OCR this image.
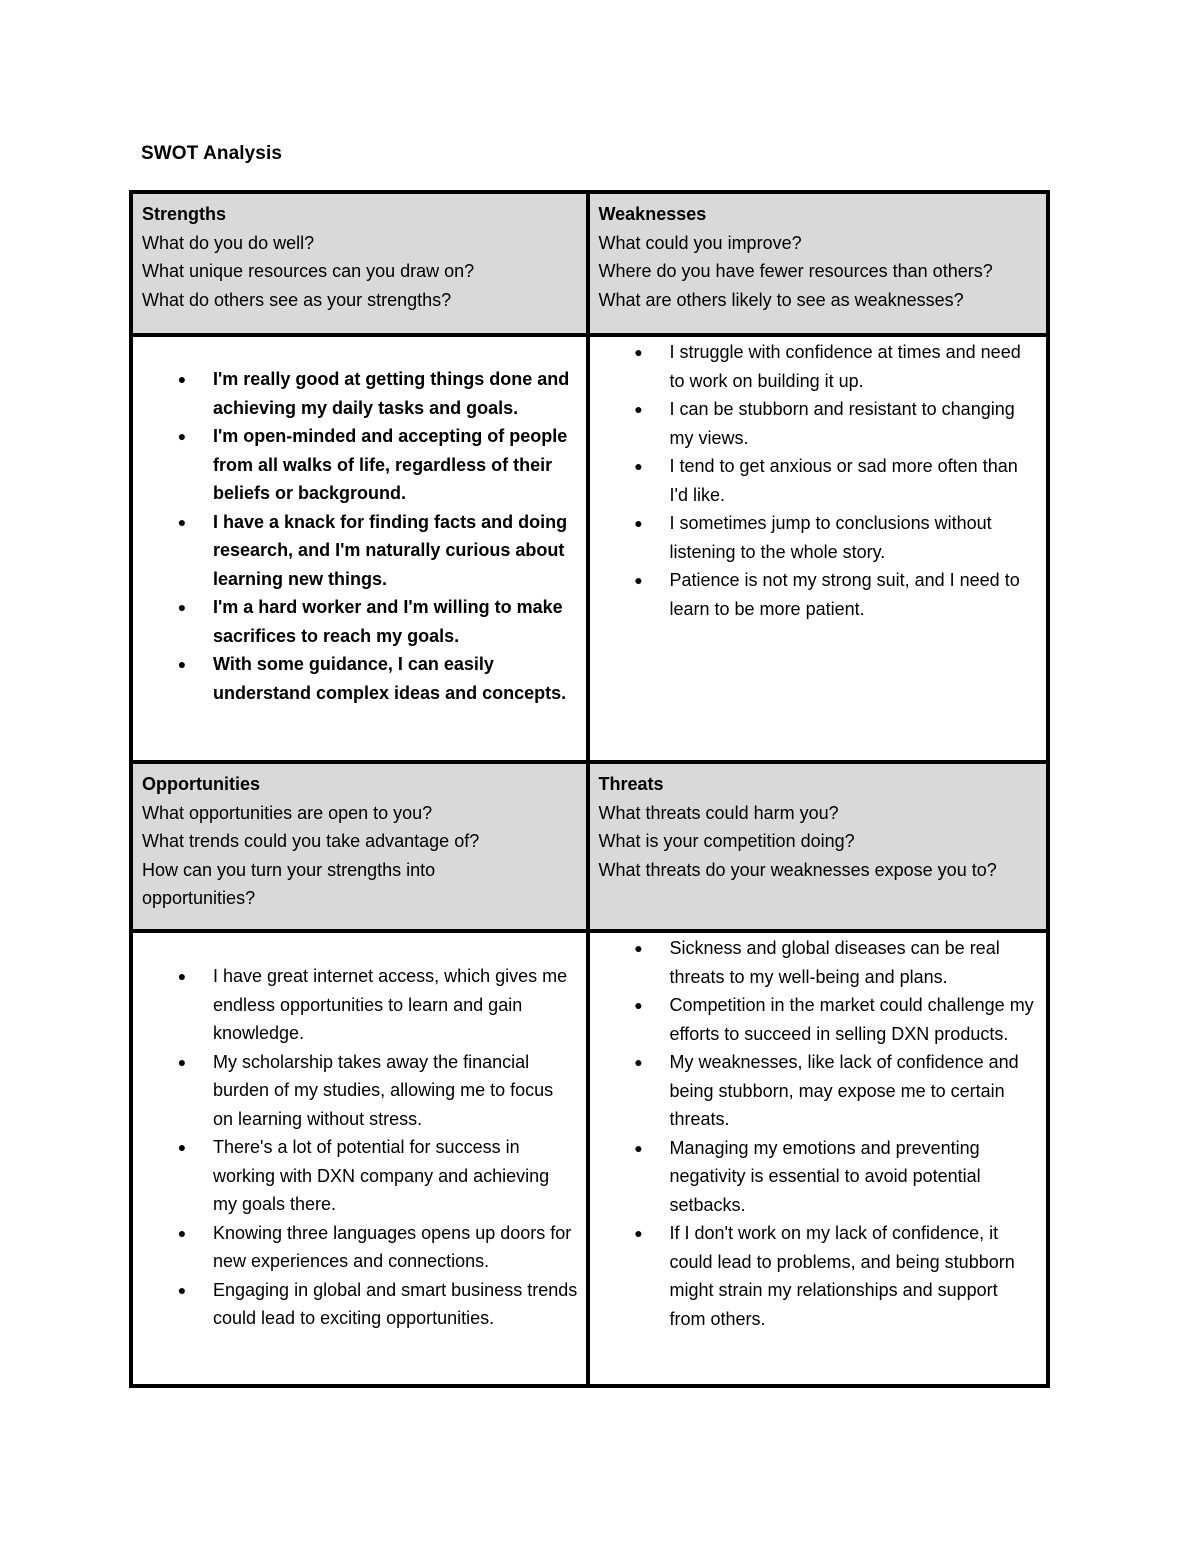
SWOT Analysis
Strengths
What do you do well?
What unique resources can you draw on?
What do others see as your strengths?
Weaknesses
What could you improve?
Where do you have fewer resources than others?
What are others likely to see as weaknesses?
● I'm really good at getting things done and achieving my daily tasks and goals.
● I'm open-minded and accepting of people from all walks of life, regardless of their beliefs or background.
● I have a knack for finding facts and doing research, and I'm naturally curious about learning new things.
● I'm a hard worker and I'm willing to make sacrifices to reach my goals.
● With some guidance, I can easily understand complex ideas and concepts.
● I struggle with confidence at times and need to work on building it up.
● I can be stubborn and resistant to changing my views.
● I tend to get anxious or sad more often than I'd like.
● I sometimes jump to conclusions without listening to the whole story.
● Patience is not my strong suit, and I need to learn to be more patient.
Opportunities
What opportunities are open to you?
What trends could you take advantage of?
How can you turn your strengths into opportunities?
Threats
What threats could harm you?
What is your competition doing?
What threats do your weaknesses expose you to?
● I have great internet access, which gives me endless opportunities to learn and gain knowledge.
● My scholarship takes away the financial burden of my studies, allowing me to focus on learning without stress.
● There's a lot of potential for success in working with DXN company and achieving my goals there.
● Knowing three languages opens up doors for new experiences and connections.
● Engaging in global and smart business trends could lead to exciting opportunities.
● Sickness and global diseases can be real threats to my well-being and plans.
● Competition in the market could challenge my efforts to succeed in selling DXN products.
● My weaknesses, like lack of confidence and being stubborn, may expose me to certain threats.
● Managing my emotions and preventing negativity is essential to avoid potential setbacks.
● If I don't work on my lack of confidence, it could lead to problems, and being stubborn might strain my relationships and support from others.
